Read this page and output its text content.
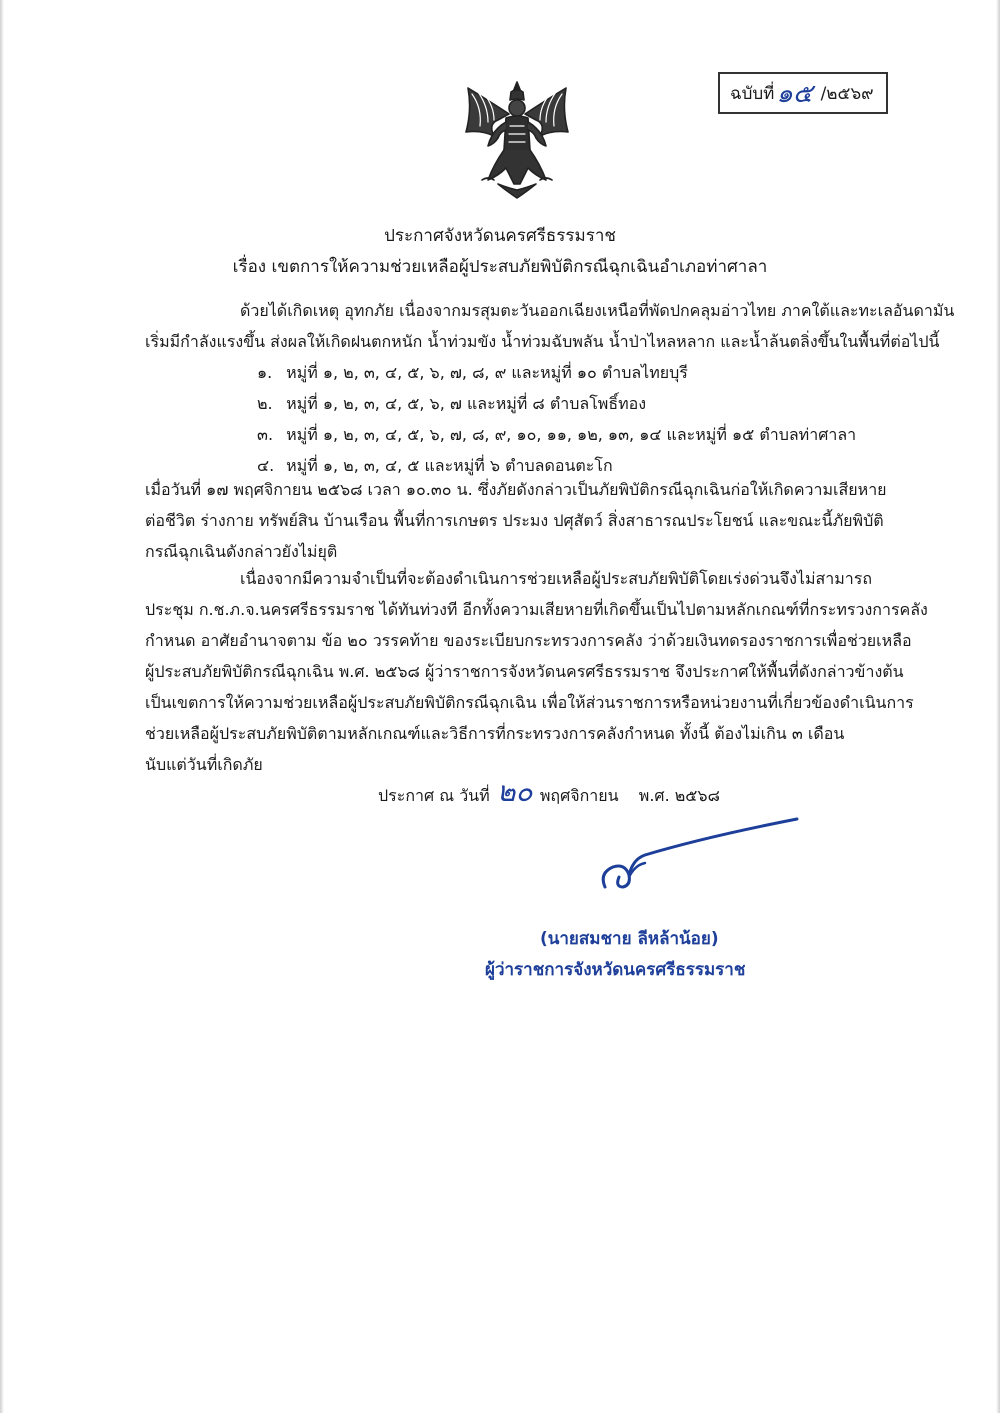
ฉบับที่ ๑๕ /๒๕๖๙
ประกาศจังหวัดนครศรีธรรมราช
เรื่อง เขตการให้ความช่วยเหลือผู้ประสบภัยพิบัติกรณีฉุกเฉินอำเภอท่าศาลา
ด้วยได้เกิดเหตุ อุทกภัย เนื่องจากมรสุมตะวันออกเฉียงเหนือที่พัดปกคลุมอ่าวไทย ภาคใต้และทะเลอันดามัน
เริ่มมีกำลังแรงขึ้น ส่งผลให้เกิดฝนตกหนัก น้ำท่วมขัง น้ำท่วมฉับพลัน น้ำป่าไหลหลาก และน้ำล้นตลิ่งขึ้นในพื้นที่ต่อไปนี้
๑. หมู่ที่ ๑, ๒, ๓, ๔, ๕, ๖, ๗, ๘, ๙ และหมู่ที่ ๑๐ ตำบลไทยบุรี
๒. หมู่ที่ ๑, ๒, ๓, ๔, ๕, ๖, ๗ และหมู่ที่ ๘ ตำบลโพธิ์ทอง
๓. หมู่ที่ ๑, ๒, ๓, ๔, ๕, ๖, ๗, ๘, ๙, ๑๐, ๑๑, ๑๒, ๑๓, ๑๔ และหมู่ที่ ๑๕ ตำบลท่าศาลา
๔. หมู่ที่ ๑, ๒, ๓, ๔, ๕ และหมู่ที่ ๖ ตำบลดอนตะโก
เมื่อวันที่ ๑๗ พฤศจิกายน ๒๕๖๘ เวลา ๑๐.๓๐ น. ซึ่งภัยดังกล่าวเป็นภัยพิบัติกรณีฉุกเฉินก่อให้เกิดความเสียหาย
ต่อชีวิต ร่างกาย ทรัพย์สิน บ้านเรือน พื้นที่การเกษตร ประมง ปศุสัตว์ สิ่งสาธารณประโยชน์ และขณะนี้ภัยพิบัติ
กรณีฉุกเฉินดังกล่าวยังไม่ยุติ
เนื่องจากมีความจำเป็นที่จะต้องดำเนินการช่วยเหลือผู้ประสบภัยพิบัติโดยเร่งด่วนจึงไม่สามารถ
ประชุม ก.ช.ภ.จ.นครศรีธรรมราช ได้ทันท่วงที อีกทั้งความเสียหายที่เกิดขึ้นเป็นไปตามหลักเกณฑ์ที่กระทรวงการคลัง
กำหนด อาศัยอำนาจตาม ข้อ ๒๐ วรรคท้าย ของระเบียบกระทรวงการคลัง ว่าด้วยเงินทดรองราชการเพื่อช่วยเหลือ
ผู้ประสบภัยพิบัติกรณีฉุกเฉิน พ.ศ. ๒๕๖๘ ผู้ว่าราชการจังหวัดนครศรีธรรมราช จึงประกาศให้พื้นที่ดังกล่าวข้างต้น
เป็นเขตการให้ความช่วยเหลือผู้ประสบภัยพิบัติกรณีฉุกเฉิน เพื่อให้ส่วนราชการหรือหน่วยงานที่เกี่ยวข้องดำเนินการ
ช่วยเหลือผู้ประสบภัยพิบัติตามหลักเกณฑ์และวิธีการที่กระทรวงการคลังกำหนด ทั้งนี้ ต้องไม่เกิน ๓ เดือน
นับแต่วันที่เกิดภัย
ประกาศ ณ วันที่ ๒๐ พฤศจิกายน พ.ศ. ๒๕๖๘
(นายสมชาย ลีหล้าน้อย)
ผู้ว่าราชการจังหวัดนครศรีธรรมราช
